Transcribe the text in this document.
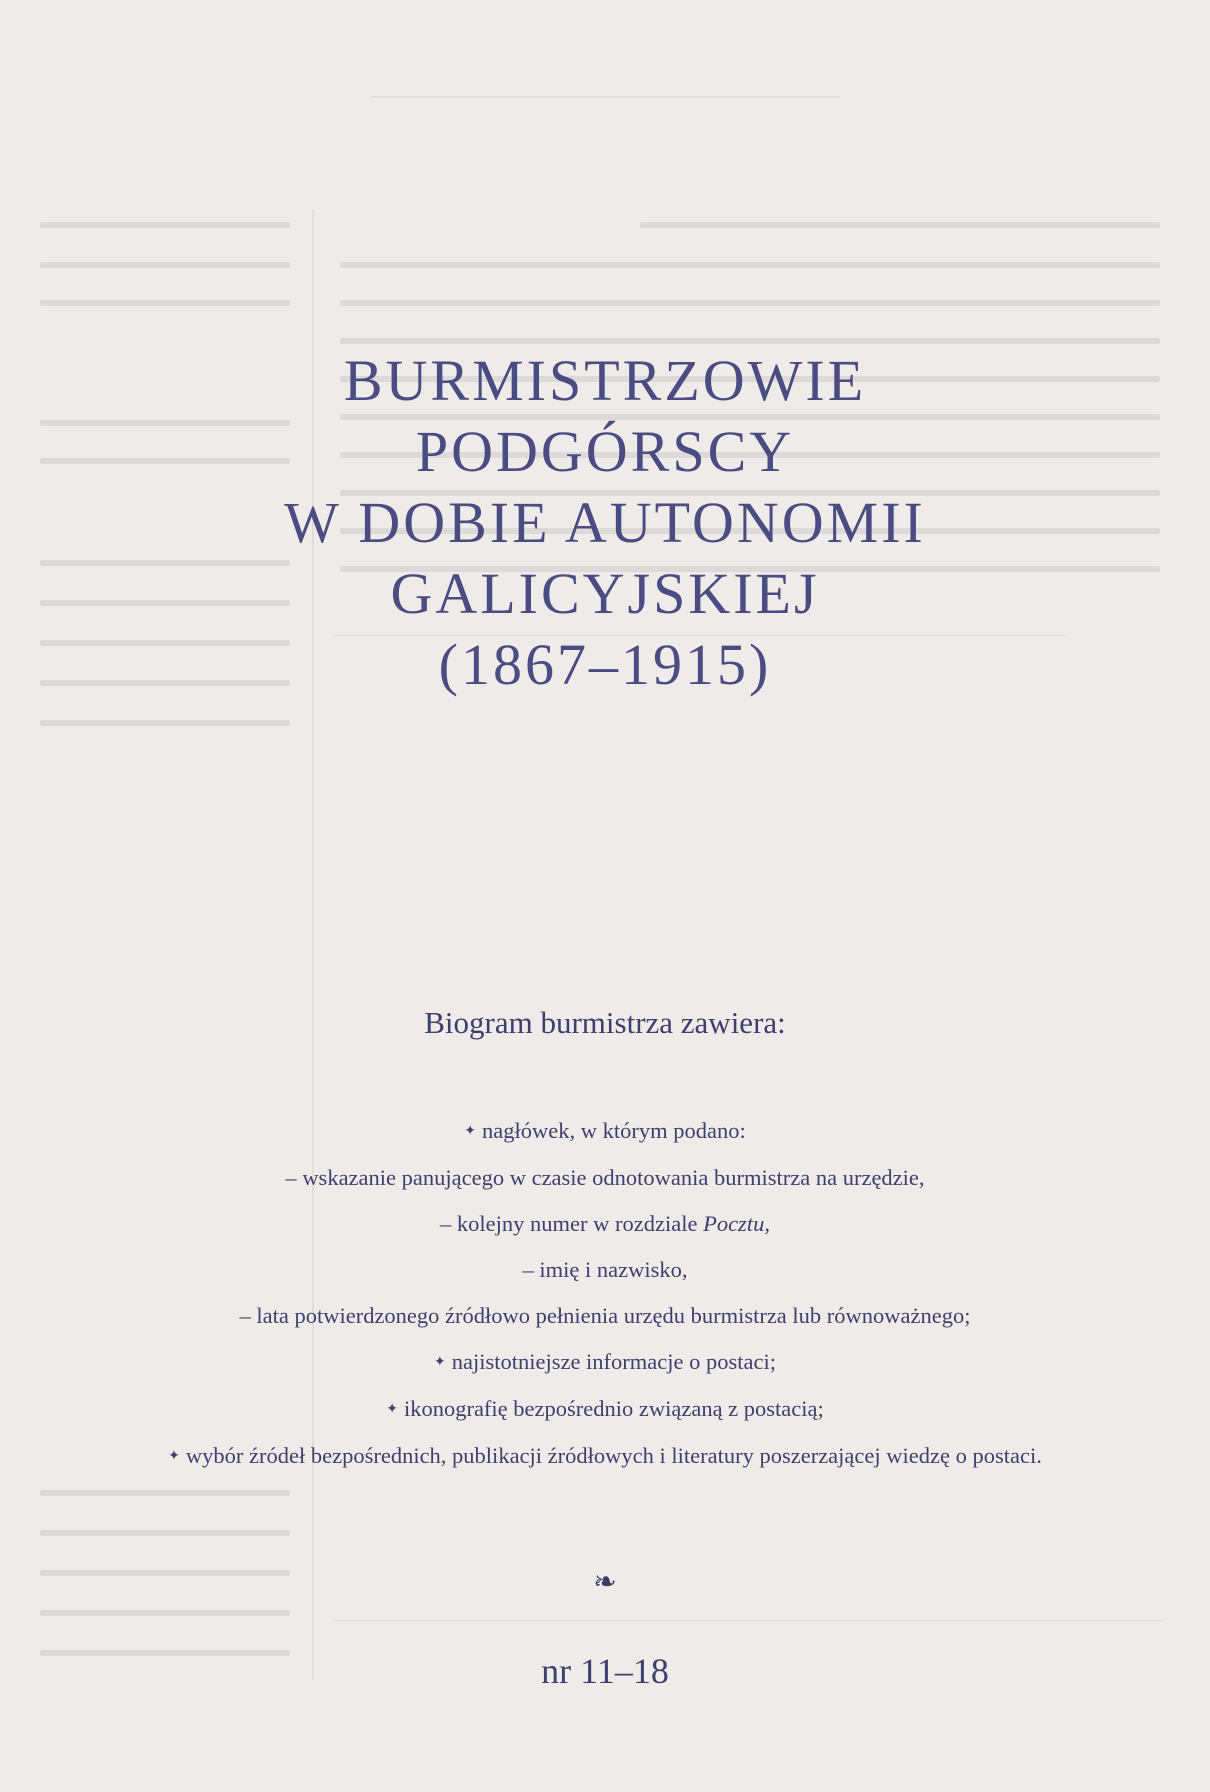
BURMISTRZOWIE
PODGÓRSCY
W DOBIE AUTONOMII
GALICYJSKIEJ
(1867–1915)
Biogram burmistrza zawiera:
✦ nagłówek, w którym podano:
– wskazanie panującego w czasie odnotowania burmistrza na urzędzie,
– kolejny numer w rozdziale Pocztu,
– imię i nazwisko,
– lata potwierdzonego źródłowo pełnienia urzędu burmistrza lub równoważnego;
✦ najistotniejsze informacje o postaci;
✦ ikonografię bezpośrednio związaną z postacią;
✦ wybór źródeł bezpośrednich, publikacji źródłowych i literatury poszerzającej wiedzę o postaci.
❧
nr 11–18
